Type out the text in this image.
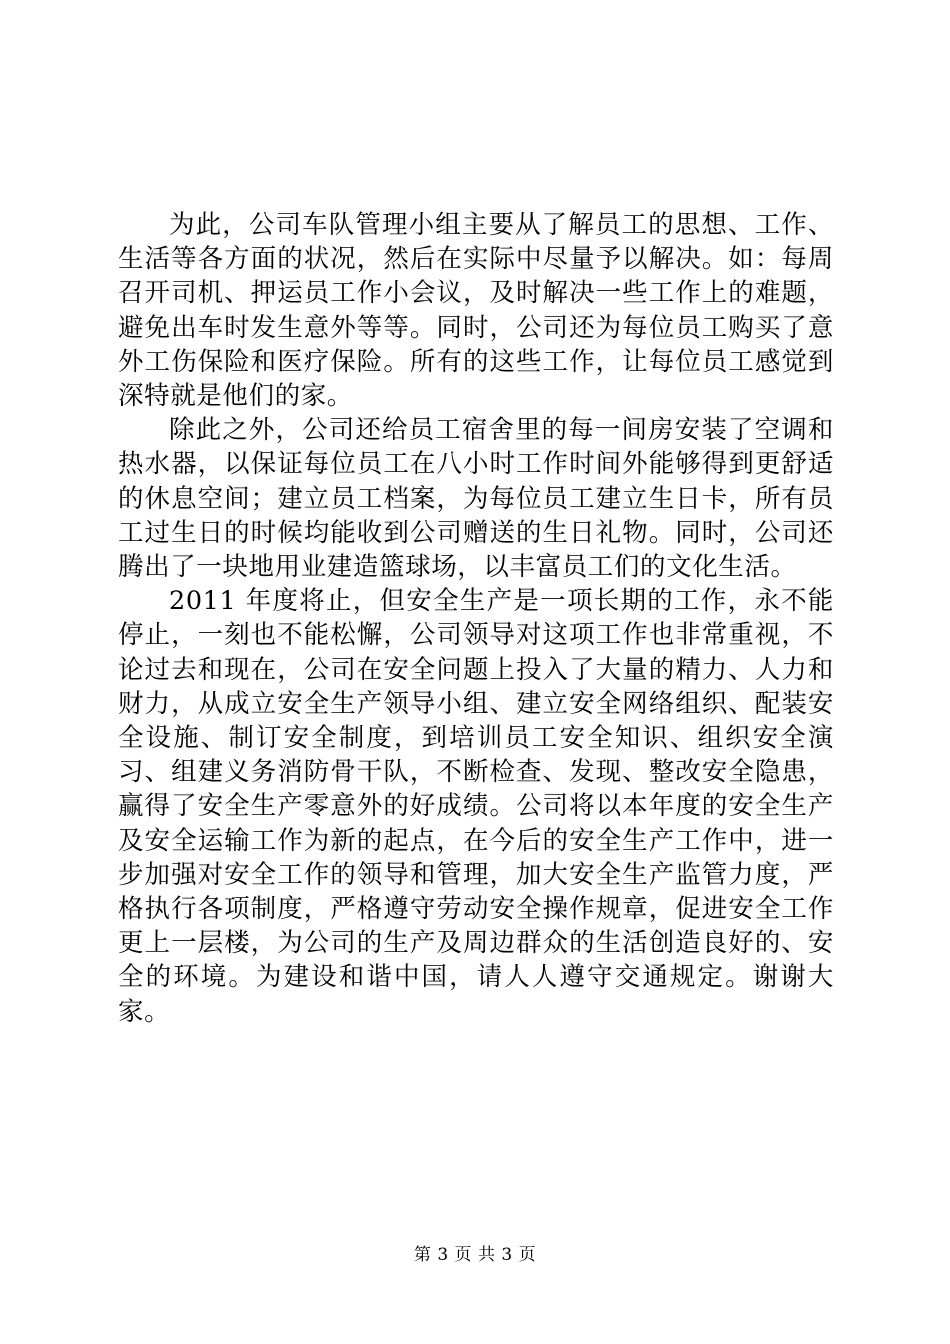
为此，公司车队管理小组主要从了解员工的思想、工作、生活等各方面的状况，然后在实际中尽量予以解决。如：每周召开司机、押运员工作小会议，及时解决一些工作上的难题，避免出车时发生意外等等。同时，公司还为每位员工购买了意外工伤保险和医疗保险。所有的这些工作，让每位员工感觉到深特就是他们的家。

除此之外，公司还给员工宿舍里的每一间房安装了空调和热水器，以保证每位员工在八小时工作时间外能够得到更舒适的休息空间；建立员工档案，为每位员工建立生日卡，所有员工过生日的时候均能收到公司赠送的生日礼物。同时，公司还腾出了一块地用业建造篮球场，以丰富员工们的文化生活。

2011 年度将止，但安全生产是一项长期的工作，永不能停止，一刻也不能松懈，公司领导对这项工作也非常重视，不论过去和现在，公司在安全问题上投入了大量的精力、人力和财力，从成立安全生产领导小组、建立安全网络组织、配装安全设施、制订安全制度，到培训员工安全知识、组织安全演习、组建义务消防骨干队，不断检查、发现、整改安全隐患，赢得了安全生产零意外的好成绩。公司将以本年度的安全生产及安全运输工作为新的起点，在今后的安全生产工作中，进一步加强对安全工作的领导和管理，加大安全生产监管力度，严格执行各项制度，严格遵守劳动安全操作规章，促进安全工作更上一层楼，为公司的生产及周边群众的生活创造良好的、安全的环境。为建设和谐中国，请人人遵守交通规定。谢谢大家。

第 3 页 共 3 页
